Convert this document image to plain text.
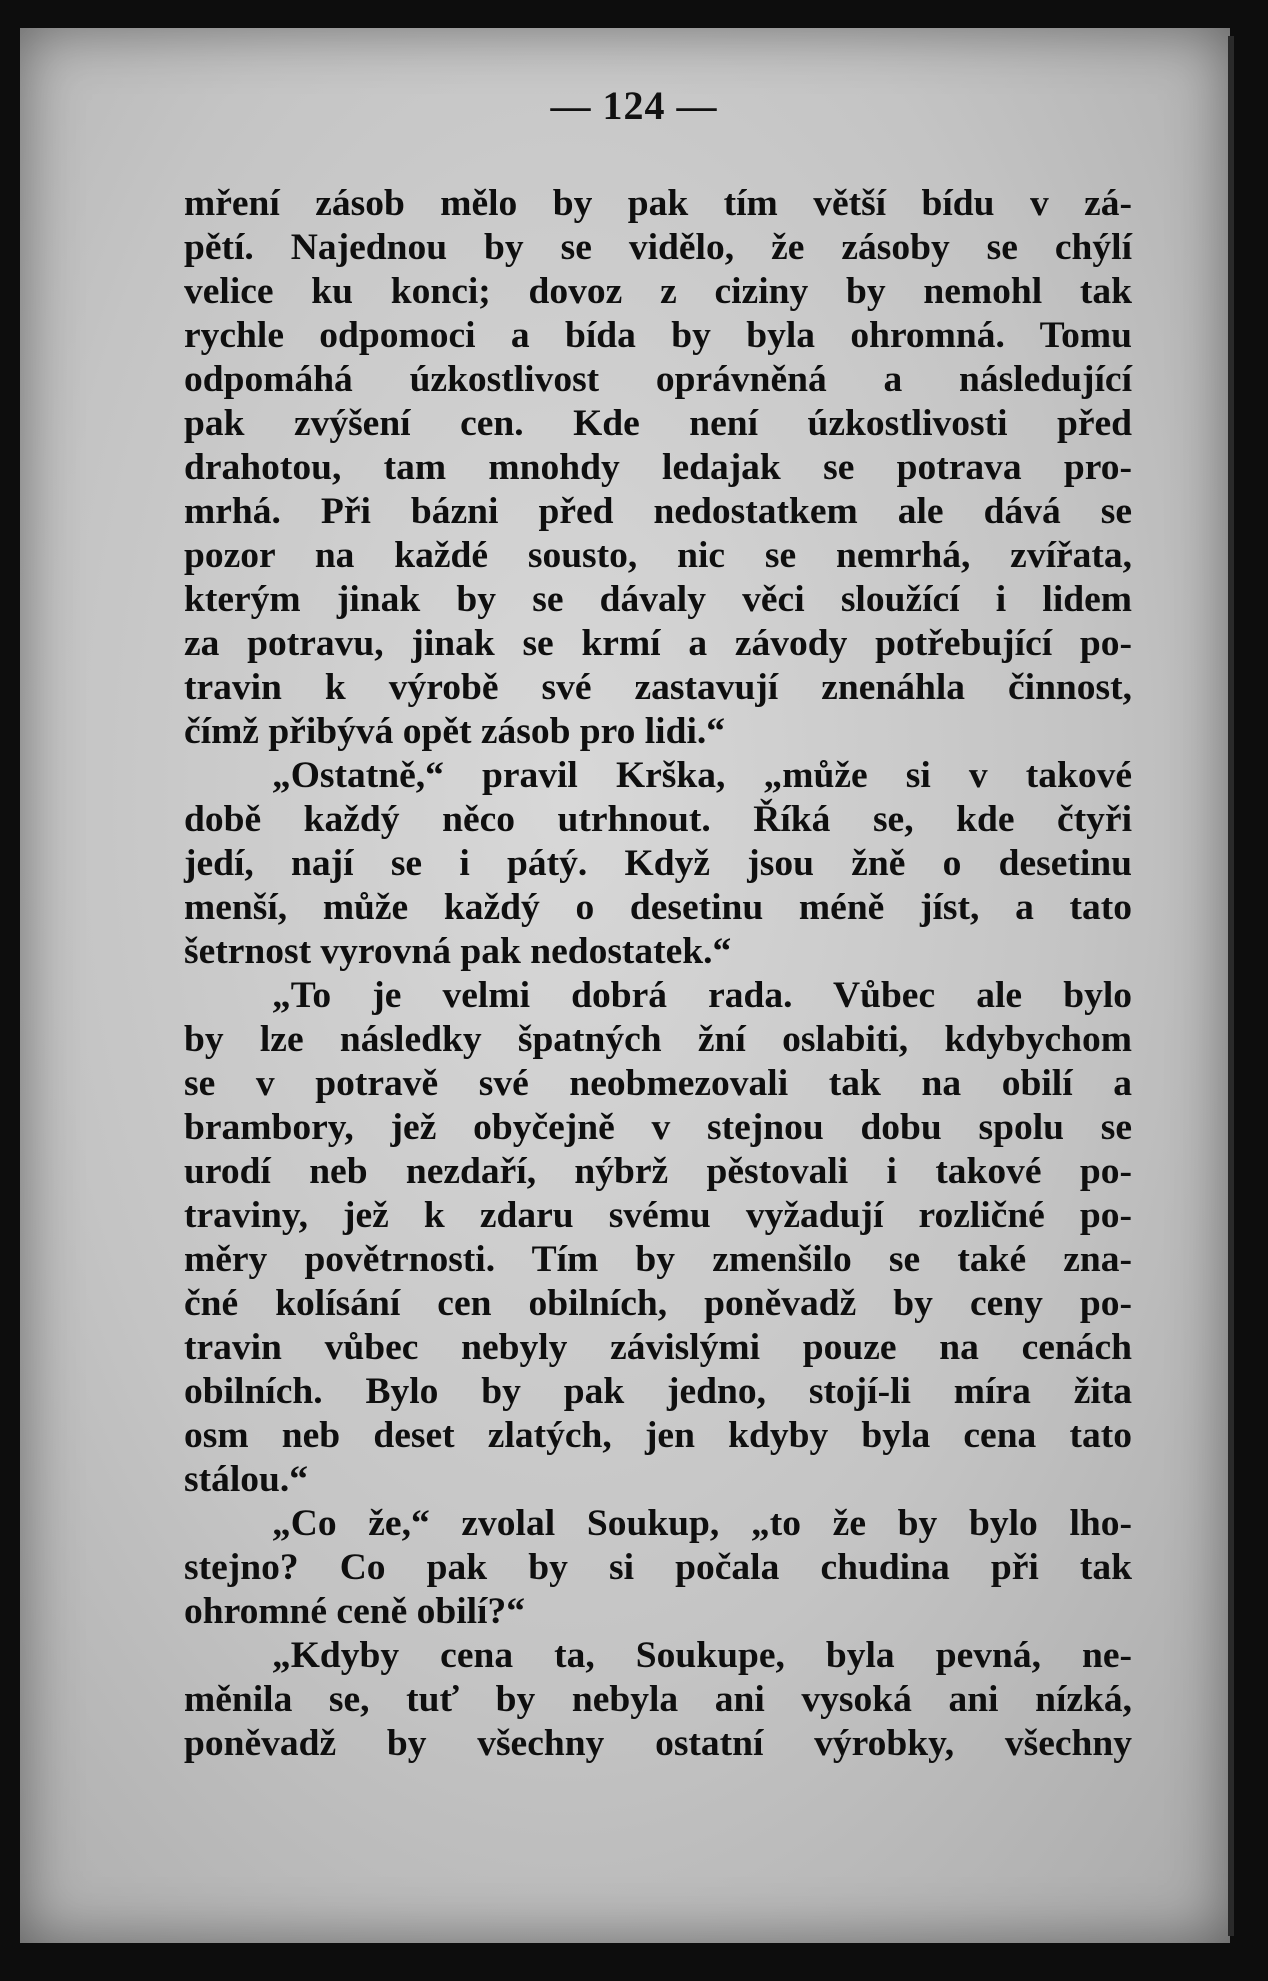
— 124 —
mření zásob mělo by pak tím větší bídu v zá-
pětí. Najednou by se vidělo, že zásoby se chýlí
velice ku konci; dovoz z ciziny by nemohl tak
rychle odpomoci a bída by byla ohromná. Tomu
odpomáhá úzkostlivost oprávněná a následující
pak zvýšení cen. Kde není úzkostlivosti před
drahotou, tam mnohdy ledajak se potrava pro-
mrhá. Při bázni před nedostatkem ale dává se
pozor na každé sousto, nic se nemrhá, zvířata,
kterým jinak by se dávaly věci sloužící i lidem
za potravu, jinak se krmí a závody potřebující po-
travin k výrobě své zastavují znenáhla činnost,
čímž přibývá opět zásob pro lidi.“
„Ostatně,“ pravil Krška, „může si v takové
době každý něco utrhnout. Říká se, kde čtyři
jedí, nají se i pátý. Když jsou žně o desetinu
menší, může každý o desetinu méně jíst, a tato
šetrnost vyrovná pak nedostatek.“
„To je velmi dobrá rada. Vůbec ale bylo
by lze následky špatných žní oslabiti, kdybychom
se v potravě své neobmezovali tak na obilí a
brambory, jež obyčejně v stejnou dobu spolu se
urodí neb nezdaří, nýbrž pěstovali i takové po-
traviny, jež k zdaru svému vyžadují rozličné po-
měry povětrnosti. Tím by zmenšilo se také zna-
čné kolísání cen obilních, poněvadž by ceny po-
travin vůbec nebyly závislými pouze na cenách
obilních. Bylo by pak jedno, stojí-li míra žita
osm neb deset zlatých, jen kdyby byla cena tato
stálou.“
„Co že,“ zvolal Soukup, „to že by bylo lho-
stejno? Co pak by si počala chudina při tak
ohromné ceně obilí?“
„Kdyby cena ta, Soukupe, byla pevná, ne-
měnila se, tuť by nebyla ani vysoká ani nízká,
poněvadž by všechny ostatní výrobky, všechny
